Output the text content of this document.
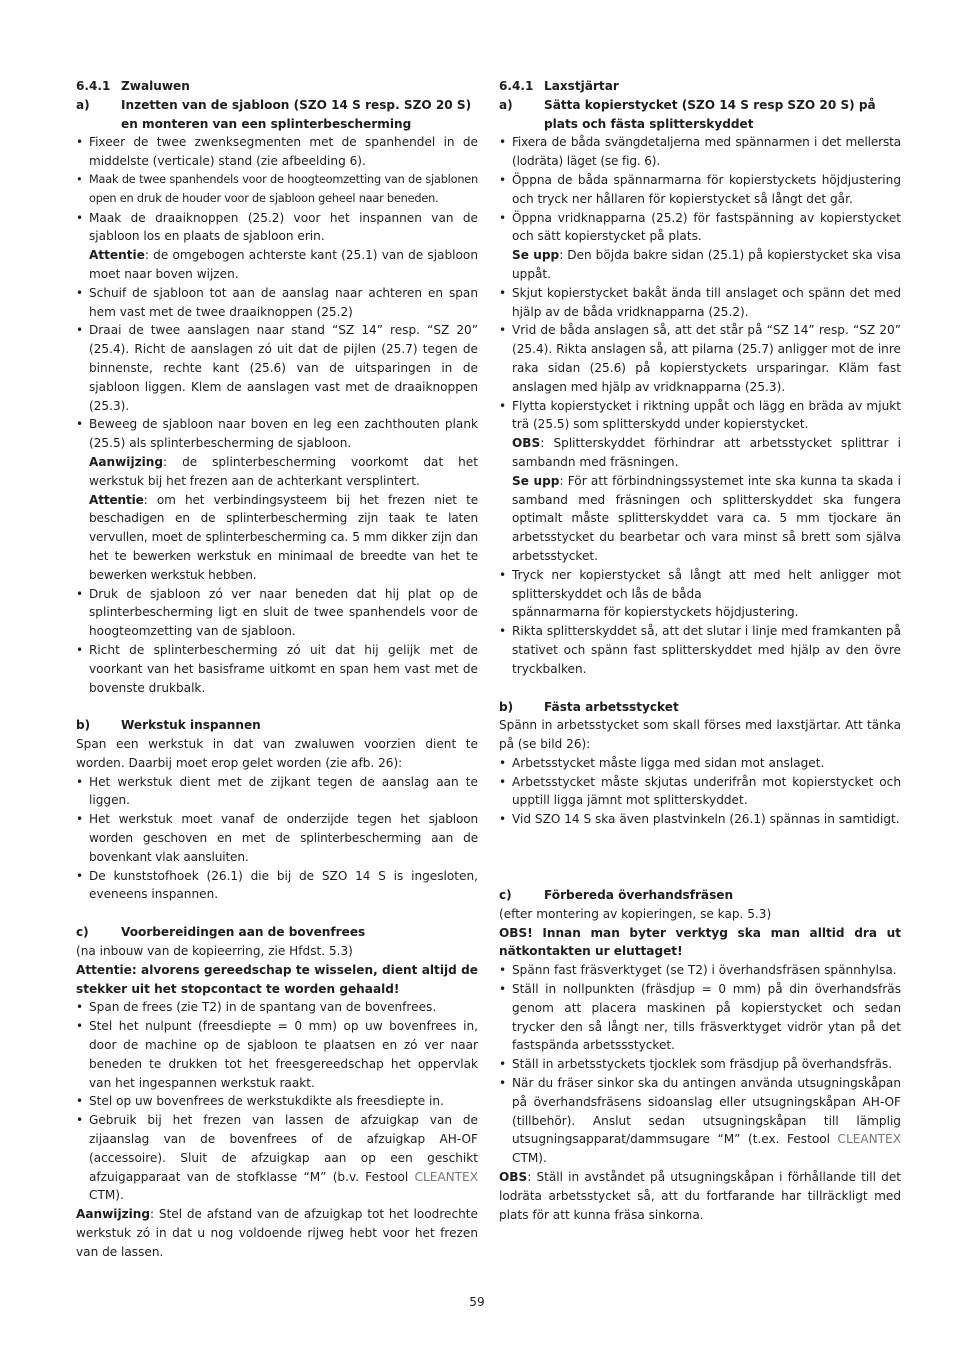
6.4.1 Zwaluwen
a)	Inzetten van de sjabloon (SZO 14 S resp. SZO 20 S) en monteren van een splinterbescherming
• Fixeer de twee zwenksegmenten met de spanhendel in de middelste (verticale) stand (zie afbeelding 6).
• Maak de twee spanhendels voor de hoogteomzetting van de sjablonen open en druk de houder voor de sjabloon geheel naar beneden.
• Maak de draaiknoppen (25.2) voor het inspannen van de sjabloon los en plaats de sjabloon erin.
Attentie: de omgebogen achterste kant (25.1) van de sjabloon moet naar boven wijzen.
• Schuif de sjabloon tot aan de aanslag naar achteren en span hem vast met de twee draaiknoppen (25.2)
• Draai de twee aanslagen naar stand “SZ 14” resp. “SZ 20” (25.4). Richt de aanslagen zó uit dat de pijlen (25.7) tegen de binnenste, rechte kant (25.6) van de uitsparingen in de sjabloon liggen. Klem de aanslagen vast met de draaiknoppen (25.3).
• Beweeg de sjabloon naar boven en leg een zachthouten plank (25.5) als splinterbescherming de sjabloon.
Aanwijzing: de splinterbescherming voorkomt dat het werkstuk bij het frezen aan de achterkant versplintert.
Attentie: om het verbindingsysteem bij het frezen niet te beschadigen en de splinterbescherming zijn taak te laten vervullen, moet de splinterbescherming ca. 5 mm dikker zijn dan het te bewerken werkstuk en minimaal de breedte van het te bewerken werkstuk hebben.
• Druk de sjabloon zó ver naar beneden dat hij plat op de splinterbescherming ligt en sluit de twee spanhendels voor de hoogteomzetting van de sjabloon.
• Richt de splinterbescherming zó uit dat hij gelijk met de voorkant van het basisframe uitkomt en span hem vast met de bovenste drukbalk.
b)	Werkstuk inspannen

Span een werkstuk in dat van zwaluwen voorzien dient te worden. Daarbij moet erop gelet worden (zie afb. 26):

• Het werkstuk dient met de zijkant tegen de aanslag aan te liggen.
• Het werkstuk moet vanaf de onderzijde tegen het sjabloon worden geschoven en met de splinterbescherming aan de bovenkant vlak aansluiten.
• De kunststofhoek (26.1) die bij de SZO 14 S is ingesloten, eveneens inspannen.
c)	Voorbereidingen aan de bovenfrees

(na inbouw van de kopieerring, zie Hfdst. 5.3)

Attentie: alvorens gereedschap te wisselen, dient altijd de stekker uit het stopcontact te worden gehaald!

• Span de frees (zie T2) in de spantang van de bovenfrees.
• Stel het nulpunt (freesdiepte = 0 mm) op uw bovenfrees in, door de machine op de sjabloon te plaatsen en zó ver naar beneden te drukken tot het freesgereedschap het oppervlak van het ingespannen werkstuk raakt.
• Stel op uw bovenfrees de werkstukdikte als freesdiepte in.
• Gebruik bij het frezen van lassen de afzuigkap van de zijaanslag van de bovenfrees of de afzuigkap AH-OF (accessoire). Sluit de afzuigkap aan op een geschikt afzuigapparaat van de stofklasse “M” (b.v. Festool CLEANTEX CTM).

Aanwijzing: Stel de afstand van de afzuigkap tot het loodrechte werkstuk zó in dat u nog voldoende rijweg hebt voor het frezen van de lassen.

6.4.1 Laxstjärtar
a)	Sätta kopierstycket (SZO 14 S resp SZO 20 S) på plats och fästa splitterskyddet
• Fixera de båda svängdetaljerna med spännarmen i det mellersta (lodräta) läget (se fig. 6).
• Öppna de båda spännarmarna för kopierstyckets höjdjustering och tryck ner hållaren för kopierstycket så långt det går.
• Öppna vridknapparna (25.2) för fastspänning av kopierstycket och sätt kopierstycket på plats.
Se upp: Den böjda bakre sidan (25.1) på kopierstycket ska visa uppåt.
• Skjut kopierstycket bakåt ända till anslaget och spänn det med hjälp av de båda vridknapparna (25.2).
• Vrid de båda anslagen så, att det står på “SZ 14” resp. “SZ 20” (25.4). Rikta anslagen så, att pilarna (25.7) anligger mot de inre raka sidan (25.6) på kopierstyckets ursparingar. Kläm fast anslagen med hjälp av vridknapparna (25.3).
• Flytta kopierstycket i riktning uppåt och lägg en bräda av mjukt trä (25.5) som splitterskydd under kopierstycket.
OBS: Splitterskyddet förhindrar att arbetsstycket splittrar i sambandn med fräsningen.
Se upp: För att förbindningssystemet inte ska kunna ta skada i samband med fräsningen och splitterskyddet ska fungera optimalt måste splitterskyddet vara ca. 5 mm tjockare än arbetsstycket du bearbetar och vara minst så brett som själva arbetsstycket.
• Tryck ner kopierstycket så långt att med helt anligger mot splitterskyddet och lås de båda
spännarmarna för kopierstyckets höjdjustering.
• Rikta splitterskyddet så, att det slutar i linje med framkanten på stativet och spänn fast splitterskyddet med hjälp av den övre tryckbalken.
b)	Fästa arbetsstycket

Spänn in arbetsstycket som skall förses med laxstjärtar. Att tänka på (se bild 26):

• Arbetsstycket måste ligga med sidan mot anslaget.
• Arbetsstycket måste skjutas underifrån mot kopierstycket och upptill ligga jämnt mot splitterskyddet.
• Vid SZO 14 S ska även plastvinkeln (26.1) spännas in samtidigt.
c)	Förbereda överhandsfräsen

(efter montering av kopieringen, se kap. 5.3)

OBS! Innan man byter verktyg ska man alltid dra ut nätkontakten ur eluttaget!

• Spänn fast fräsverktyget (se T2) i överhandsfräsen spännhylsa.
• Ställ in nollpunkten (fräsdjup = 0 mm) på din överhandsfräs genom att placera maskinen på kopierstycket och sedan trycker den så långt ner, tills fräsverktyget vidrör ytan på det fastspända arbetssstycket.
• Ställ in arbetsstyckets tjocklek som fräsdjup på överhandsfräs.
• När du fräser sinkor ska du antingen använda utsugningskåpan på överhandsfräsens sidoanslag eller utsugningskåpan AH-OF (tillbehör). Anslut sedan utsugningskåpan till lämplig utsugningsapparat/dammsugare “M” (t.ex. Festool CLEANTEX CTM).

OBS: Ställ in avståndet på utsugningskåpan i förhållande till det lodräta arbetsstycket så, att du fortfarande har tillräckligt med plats för att kunna fräsa sinkorna.

59
